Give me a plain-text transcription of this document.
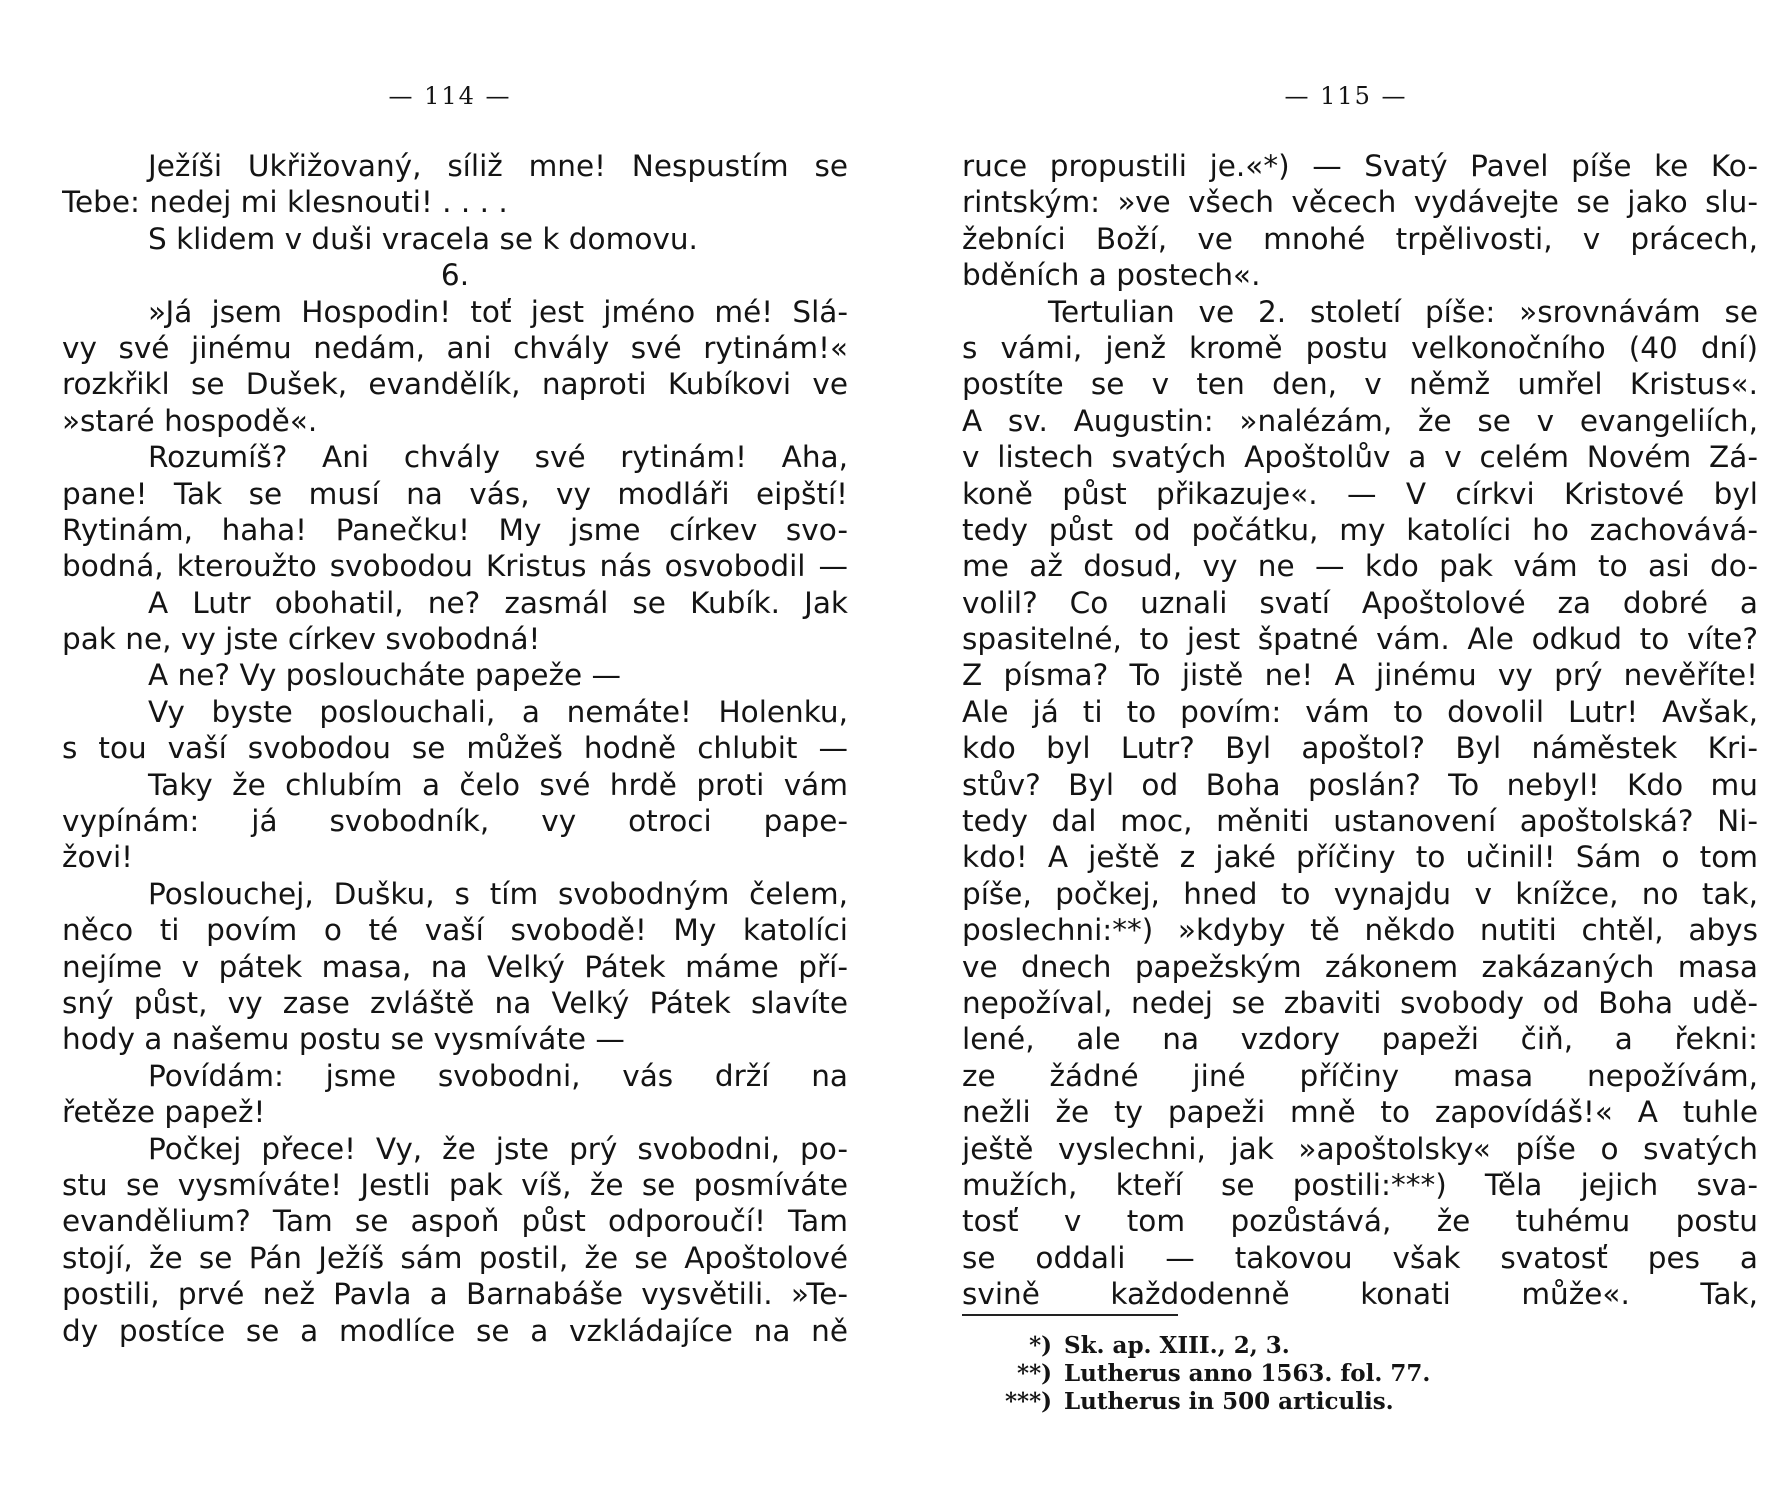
— 114 —
Ježíši Ukřižovaný, síliž mne! Nespustím se
Tebe: nedej mi klesnouti! . . . .
S klidem v duši vracela se k domovu.
6.
»Já jsem Hospodin! toť jest jméno mé! Slá-
vy své jinému nedám, ani chvály své rytinám!«
rozkřikl se Dušek, evandělík, naproti Kubíkovi ve
»staré hospodě«.
Rozumíš? Ani chvály své rytinám! Aha,
pane! Tak se musí na vás, vy modláři eipští!
Rytinám, haha! Panečku! My jsme církev svo-
bodná, kteroužto svobodou Kristus nás osvobodil —
A Lutr obohatil, ne? zasmál se Kubík. Jak
pak ne, vy jste církev svobodná!
A ne? Vy posloucháte papeže —
Vy byste poslouchali, a nemáte! Holenku,
s tou vaší svobodou se můžeš hodně chlubit —
Taky že chlubím a čelo své hrdě proti vám
vypínám: já svobodník, vy otroci pape-
žovi!
Poslouchej, Dušku, s tím svobodným čelem,
něco ti povím o té vaší svobodě! My katolíci
nejíme v pátek masa, na Velký Pátek máme pří-
sný půst, vy zase zvláště na Velký Pátek slavíte
hody a našemu postu se vysmíváte —
Povídám: jsme svobodni, vás drží na
řetěze papež!
Počkej přece! Vy, že jste prý svobodni, po-
stu se vysmíváte! Jestli pak víš, že se posmíváte
evandělium? Tam se aspoň půst odporoučí! Tam
stojí, že se Pán Ježíš sám postil, že se Apoštolové
postili, prvé než Pavla a Barnabáše vysvětili. »Te-
dy postíce se a modlíce se a vzkládajíce na ně
— 115 —
ruce propustili je.«*) — Svatý Pavel píše ke Ko-
rintským: »ve všech věcech vydávejte se jako slu-
žebníci Boží, ve mnohé trpělivosti, v prácech,
bděních a postech«.
Tertulian ve 2. století píše: »srovnávám se
s vámi, jenž kromě postu velkonočního (40 dní)
postíte se v ten den, v němž umřel Kristus«.
A sv. Augustin: »nalézám, že se v evangeliích,
v listech svatých Apoštolův a v celém Novém Zá-
koně půst přikazuje«. — V církvi Kristové byl
tedy půst od počátku, my katolíci ho zachovává-
me až dosud, vy ne — kdo pak vám to asi do-
volil? Co uznali svatí Apoštolové za dobré a
spasitelné, to jest špatné vám. Ale odkud to víte?
Z písma? To jistě ne! A jinému vy prý nevěříte!
Ale já ti to povím: vám to dovolil Lutr! Avšak,
kdo byl Lutr? Byl apoštol? Byl náměstek Kri-
stův? Byl od Boha poslán? To nebyl! Kdo mu
tedy dal moc, měniti ustanovení apoštolská? Ni-
kdo! A ještě z jaké příčiny to učinil! Sám o tom
píše, počkej, hned to vynajdu v knížce, no tak,
poslechni:**) »kdyby tě někdo nutiti chtěl, abys
ve dnech papežským zákonem zakázaných masa
nepožíval, nedej se zbaviti svobody od Boha udě-
lené, ale na vzdory papeži čiň, a řekni:
ze žádné jiné příčiny masa nepožívám,
nežli že ty papeži mně to zapovídáš!« A tuhle
ještě vyslechni, jak »apoštolsky« píše o svatých
mužích, kteří se postili:***) Těla jejich sva-
tosť v tom pozůstává, že tuhému postu
se oddali — takovou však svatosť pes a
svině každodenně konati může«. Tak,
*) Sk. ap. XIII., 2, 3.
**) Lutherus anno 1563. fol. 77.
***) Lutherus in 500 articulis.
